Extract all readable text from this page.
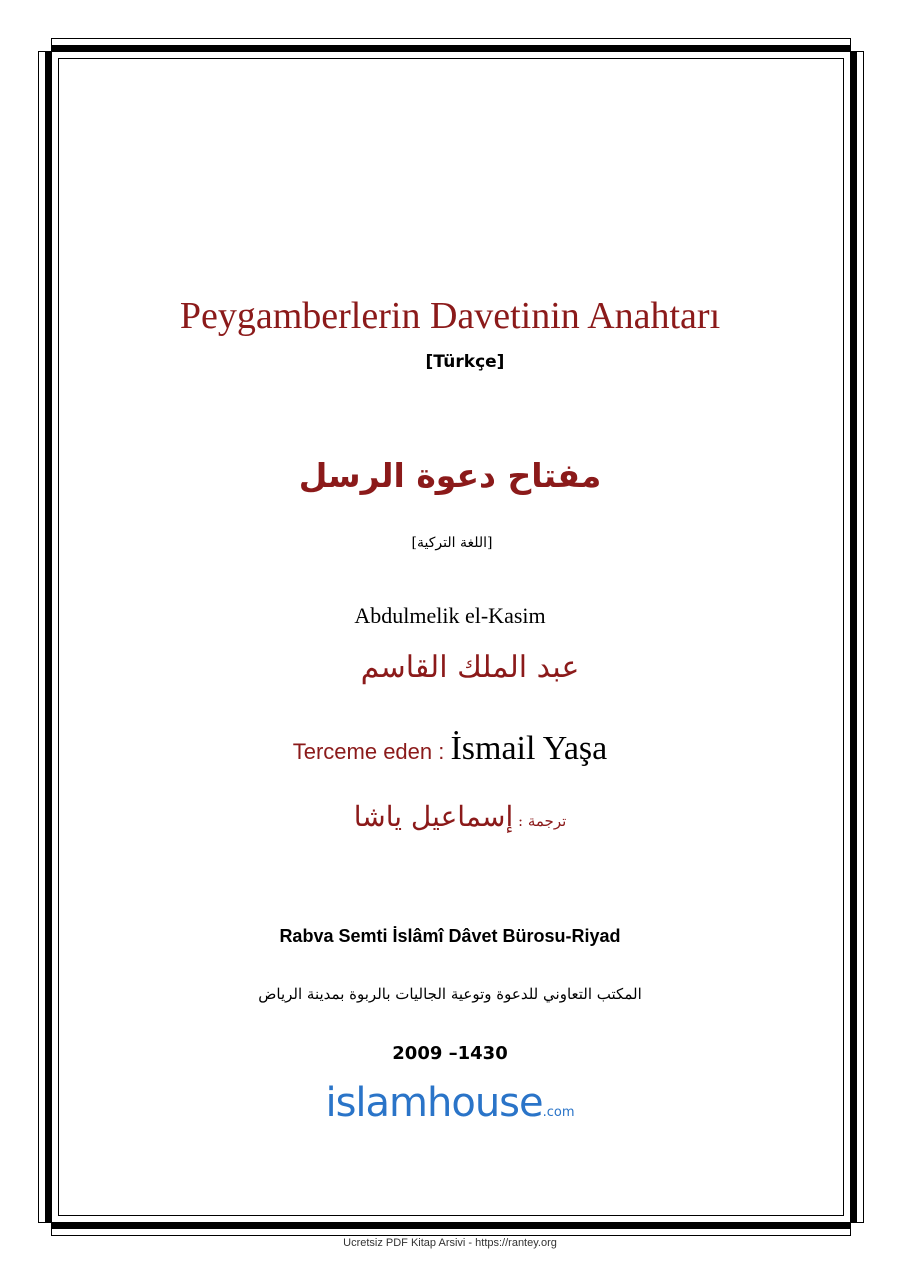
Peygamberlerin Davetinin Anahtarı
[Türkçe]
مفتاح دعوة الرسل
[اللغة التركية]
Abdulmelik el-Kasim
عبد الملك القاسم
Terceme eden : İsmail Yaşa
ترجمة : إسماعيل ياشا
Rabva Semti İslâmî Dâvet Bürosu-Riyad
المكتب التعاوني للدعوة وتوعية الجاليات بالربوة بمدينة الرياض
2009 –1430
islamhouse.com
Ucretsiz PDF Kitap Arsivi - https://rantey.org
